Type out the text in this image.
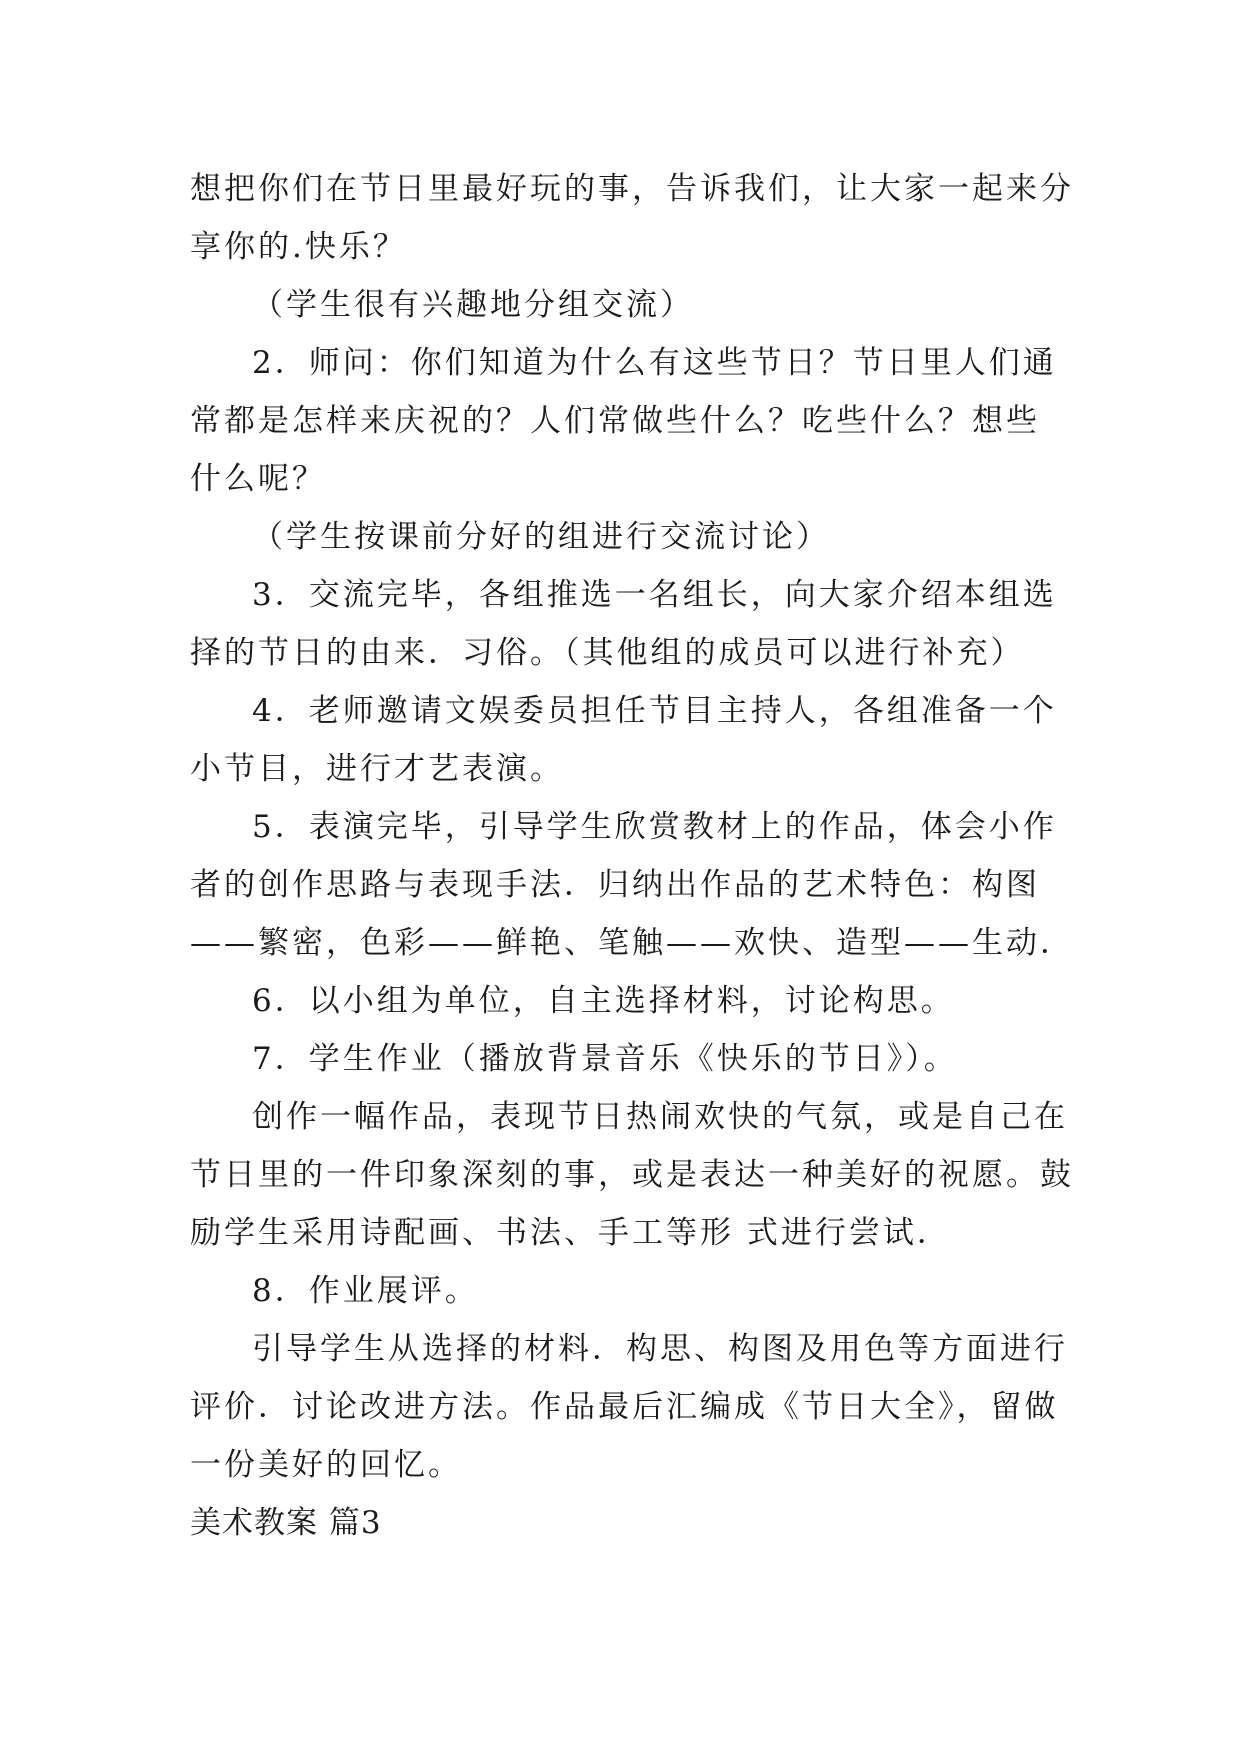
想把你们在节日里最好玩的事，告诉我们，让大家一起来分
享你的.快乐？
（学生很有兴趣地分组交流）
2．师问：你们知道为什么有这些节日？节日里人们通
常都是怎样来庆祝的？人们常做些什么？吃些什么？想些
什么呢？
（学生按课前分好的组进行交流讨论）
3．交流完毕，各组推选一名组长，向大家介绍本组选
择的节日的由来．习俗。（其他组的成员可以进行补充）
4．老师邀请文娱委员担任节目主持人，各组准备一个
小节目，进行才艺表演。
5．表演完毕，引导学生欣赏教材上的作品，体会小作
者的创作思路与表现手法．归纳出作品的艺术特色：构图
——繁密，色彩——鲜艳、笔触——欢快、造型——生动．
6．以小组为单位，自主选择材料，讨论构思。
7．学生作业（播放背景音乐《快乐的节日》）。
创作一幅作品，表现节日热闹欢快的气氛，或是自己在
节日里的一件印象深刻的事，或是表达一种美好的祝愿。鼓
励学生采用诗配画、书法、手工等形 式进行尝试．
8．作业展评。
引导学生从选择的材料．构思、构图及用色等方面进行
评价．讨论改进方法。作品最后汇编成《节日大全》，留做
一份美好的回忆。
美术教案 篇3
